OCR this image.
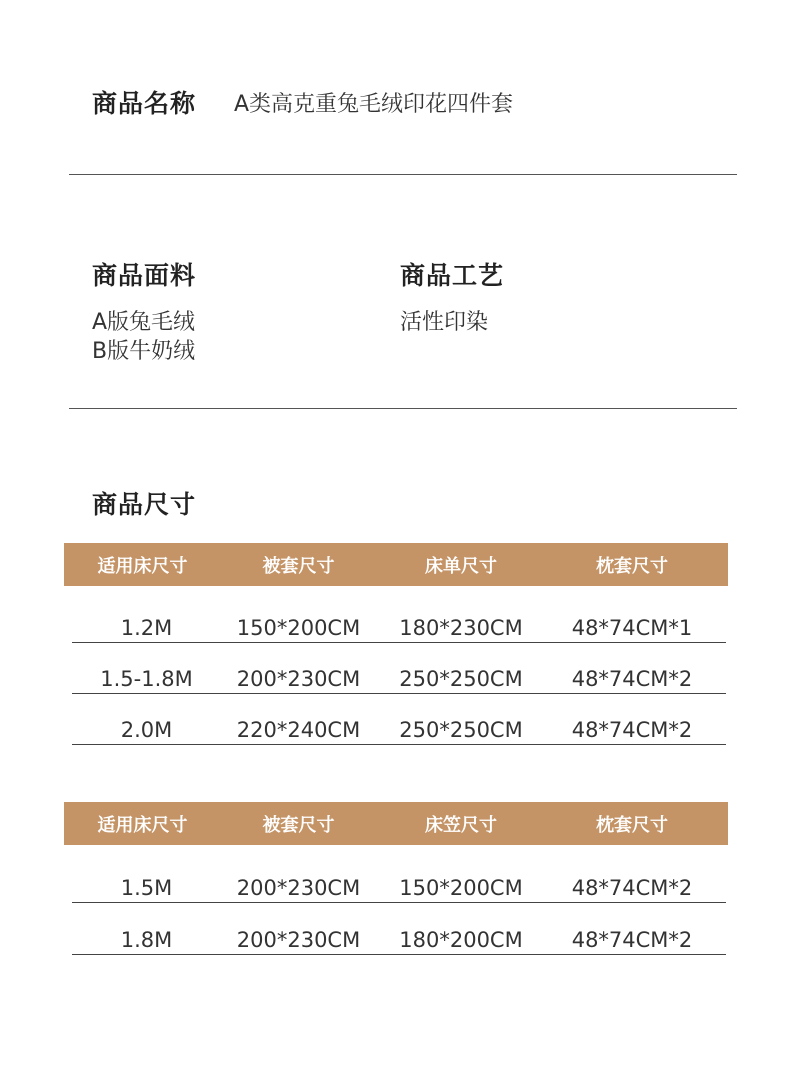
商品名称 A类高克重兔毛绒印花四件套
商品面料
A版兔毛绒
B版牛奶绒
商品工艺
活性印染
商品尺寸
适用床尺寸	被套尺寸	床单尺寸	枕套尺寸
1.2M	150*200CM	180*230CM	48*74CM*1
1.5-1.8M	200*230CM	250*250CM	48*74CM*2
2.0M	220*240CM	250*250CM	48*74CM*2
适用床尺寸	被套尺寸	床笠尺寸	枕套尺寸
1.5M	200*230CM	150*200CM	48*74CM*2
1.8M	200*230CM	180*200CM	48*74CM*2
